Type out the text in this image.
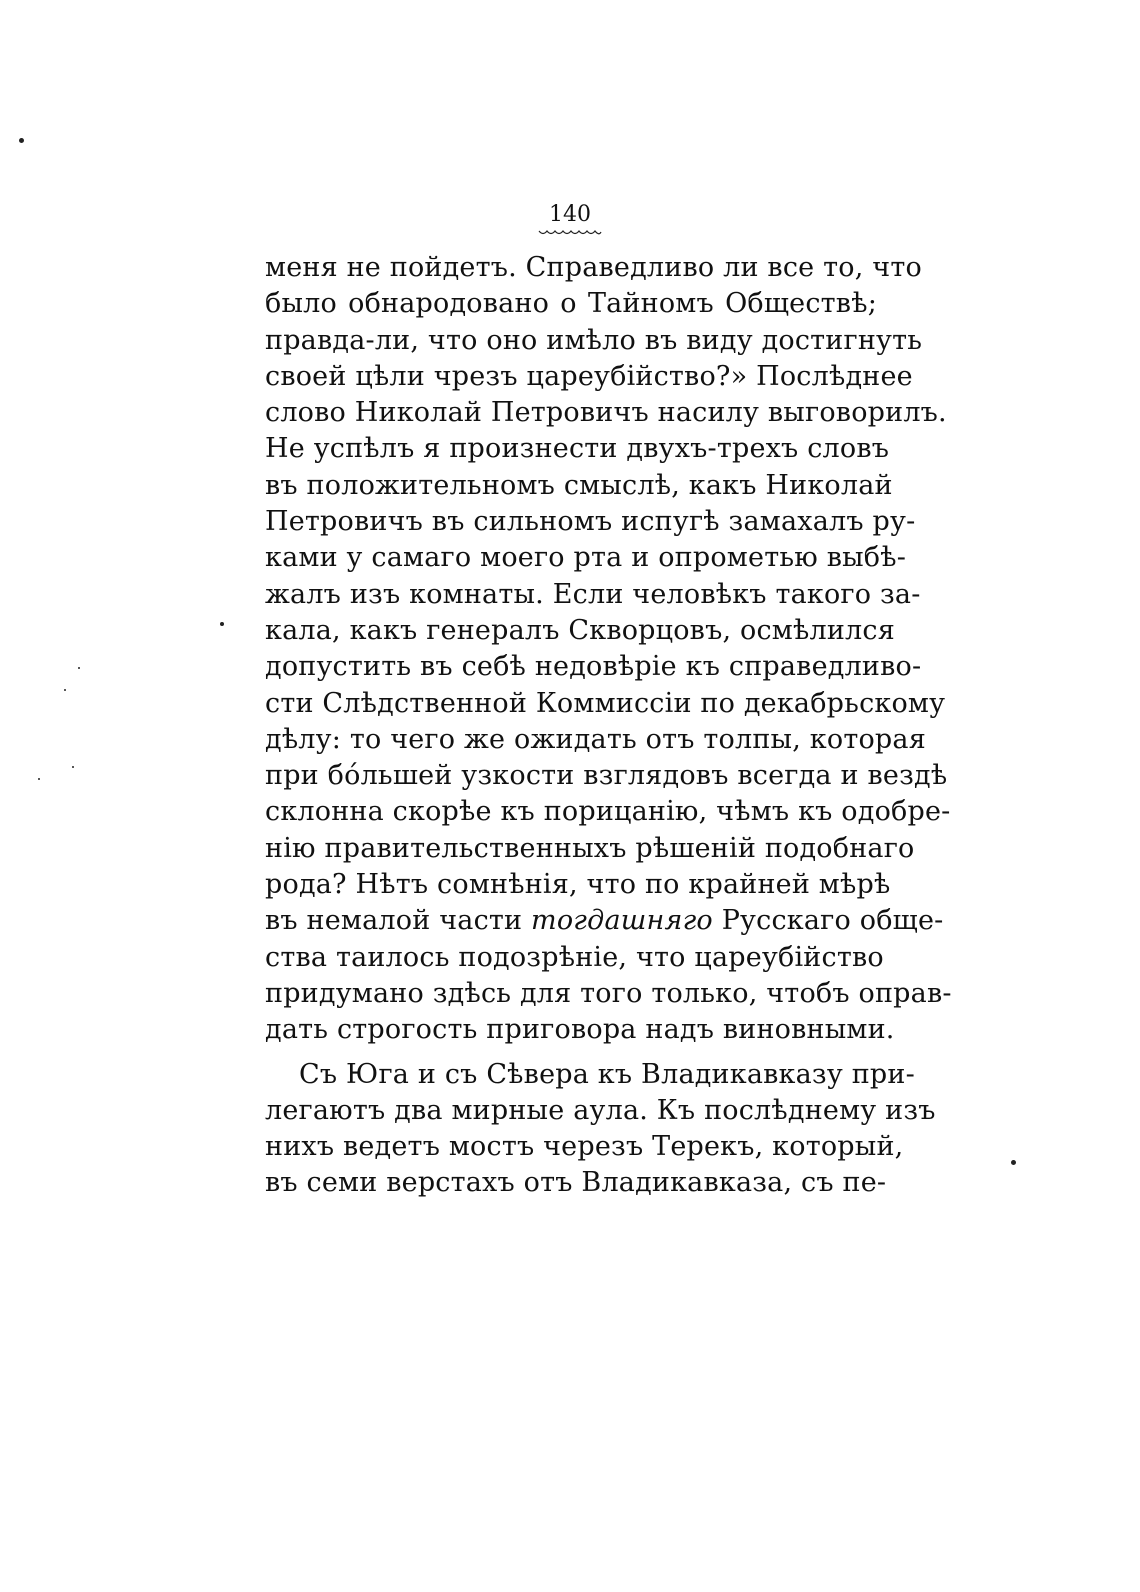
140
меня не пойдетъ. Справедливо ли все то, что
было обнародовано о Тайномъ Обществѣ;
правда-ли, что оно имѣло въ виду достигнуть
своей цѣли чрезъ цареубійство?» Послѣднее
слово Николай Петровичъ насилу выговорилъ.
Не успѣлъ я произнести двухъ-трехъ словъ
въ положительномъ смыслѣ, какъ Николай
Петровичъ въ сильномъ испугѣ замахалъ ру-
ками у самаго моего рта и опрометью выбѣ-
жалъ изъ комнаты. Если человѣкъ такого за-
кала, какъ генералъ Скворцовъ, осмѣлился
допустить въ себѣ недовѣріе къ справедливо-
сти Слѣдственной Коммиссіи по декабрьскому
дѣлу: то чего же ожидать отъ толпы, которая
при бóльшей узкости взглядовъ всегда и вездѣ
склонна скорѣе къ порицанію, чѣмъ къ одобре-
нію правительственныхъ рѣшеній подобнаго
рода? Нѣтъ сомнѣнія, что по крайней мѣрѣ
въ немалой части тогдашняго Русскаго обще-
ства таилось подозрѣніе, что цареубійство
придумано здѣсь для того только, чтобъ оправ-
дать строгость приговора надъ виновными.
Съ Юга и съ Сѣвера къ Владикавказу при-
легаютъ два мирные аула. Къ послѣднему изъ
нихъ ведетъ мостъ черезъ Терекъ, который,
въ семи верстахъ отъ Владикавказа, съ пе-
